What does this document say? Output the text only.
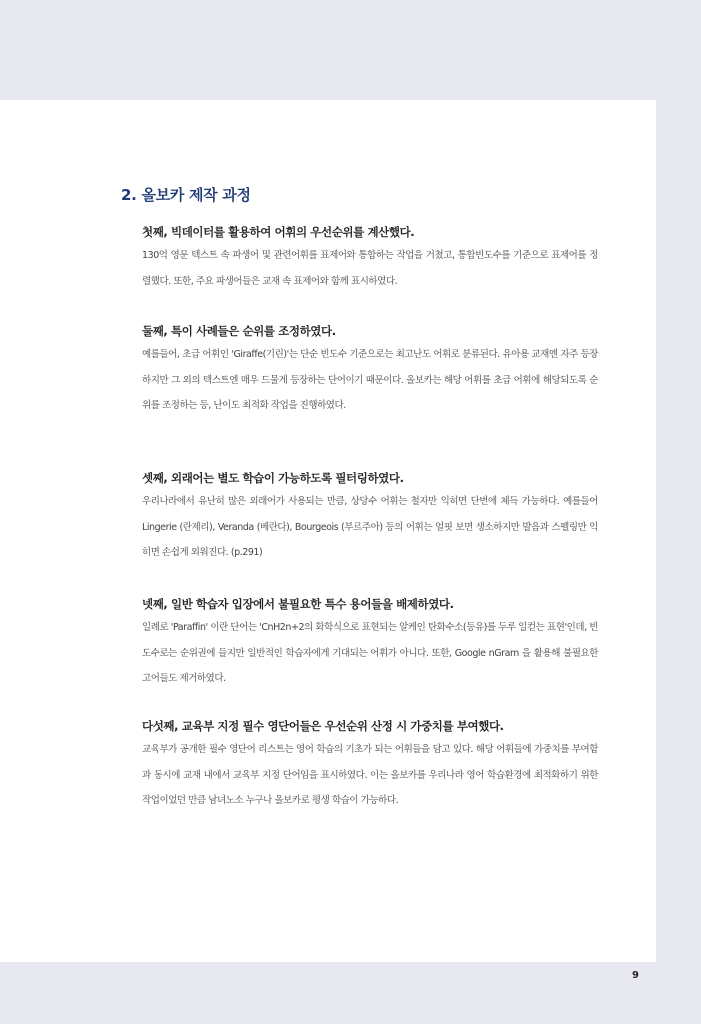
2. 올보카 제작 과정
첫째, 빅데이터를 활용하여 어휘의 우선순위를 계산했다.
130억 영문 텍스트 속 파생어 및 관련어휘를 표제어와 통합하는 작업을 거쳤고, 통합빈도수를 기준으로 표제어를 정렬했다. 또한, 주요 파생어들은 교재 속 표제어와 함께 표시하였다.
둘째, 특이 사례들은 순위를 조정하였다.
예를들어, 초급 어휘인 'Giraffe(기린)'는 단순 빈도수 기준으로는 최고난도 어휘로 분류된다. 유아용 교재엔 자주 등장하지만 그 외의 텍스트엔 매우 드물게 등장하는 단어이기 때문이다. 올보카는 해당 어휘를 초급 어휘에 해당되도록 순위를 조정하는 등, 난이도 최적화 작업을 진행하였다.
셋째, 외래어는 별도 학습이 가능하도록 필터링하였다.
우리나라에서 유난히 많은 외래어가 사용되는 만큼, 상당수 어휘는 철자만 익히면 단번에 체득 가능하다. 예를들어 Lingerie (란제리), Veranda (베란다), Bourgeois (부르주아) 등의 어휘는 얼핏 보면 생소하지만 발음과 스펠링만 익히면 손쉽게 외워진다. (p.291)
넷째, 일반 학습자 입장에서 불필요한 특수 용어들을 배제하였다.
일례로 'Paraffin' 이란 단어는 'CnH2n+2의 화학식으로 표현되는 알케인 탄화수소(등유)를 두루 일컫는 표현'인데, 빈도수로는 순위권에 들지만 일반적인 학습자에게 기대되는 어휘가 아니다. 또한, Google nGram 을 활용해 불필요한 고어들도 제거하였다.
다섯째, 교육부 지정 필수 영단어들은 우선순위 산정 시 가중치를 부여했다.
교육부가 공개한 필수 영단어 리스트는 영어 학습의 기초가 되는 어휘들을 담고 있다. 해당 어휘들에 가중치를 부여함과 동시에 교재 내에서 교육부 지정 단어임을 표시하였다. 이는 올보카를 우리나라 영어 학습환경에 최적화하기 위한 작업이었던 만큼 남녀노소 누구나 올보카로 평생 학습이 가능하다.
9
